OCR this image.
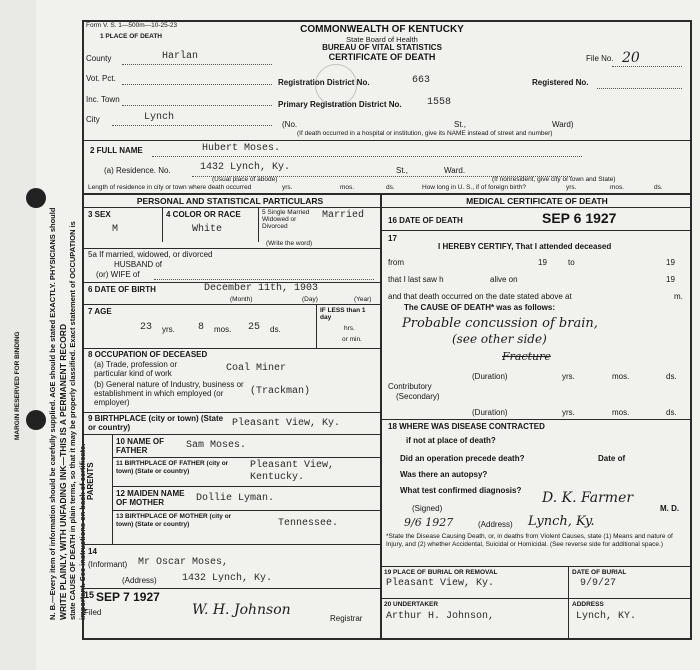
N. B.—Every item of information should be carefully supplied. AGE should be stated EXACTLY. PHYSICIANS should WRITE PLAINLY, WITH UNFADING INK—THIS IS A PERMANENT RECORD state CAUSE OF DEATH in plain terms, so that it may be properly classified. Exact statement of OCCUPATION is important. See instructions on back of certificate.
MARGIN RESERVED FOR BINDING
Form V. S. 1—500m—10-25-23
1 PLACE OF DEATH
COMMONWEALTH OF KENTUCKY
State Board of Health
BUREAU OF VITAL STATISTICS
CERTIFICATE OF DEATH
County	Harlan
Vot. Pct.
Inc. Town
City	Lynch
File No. 20
Registration District No.	663	Registered No.
Primary Registration District No.	1558
(No.	St.,	Ward)
(If death occurred in a hospital or institution, give its NAME instead of street and number)
2 FULL NAME	Hubert Moses.
(a) Residence. No.	1432 Lynch, Ky.	St.,	Ward.
(If nonresident, give city or town and State)
(Usual place of abode)
Length of residence in city or town where death occurred	yrs.	mos.	ds.	How long in U. S., if of foreign birth?	yrs.	mos.	ds.
PERSONAL AND STATISTICAL PARTICULARS	MEDICAL CERTIFICATE OF DEATH
3 SEX
M
4 COLOR OR RACE
White
5 Single Married Widowed or Divorced
(Write the word)
Married
5a If married, widowed, or divorced
HUSBAND of
(or) WIFE of
6 DATE OF BIRTH	December 11th, 1903
(Month)	(Day)	(Year)
7 AGE
23 yrs. 8 mos. 25 ds.
IF LESS than 1 day
hrs.
or min.
8 OCCUPATION OF DECEASED
(a) Trade, profession or particular kind of work	Coal Miner
(b) General nature of Industry, business or establishment in which employed (or employer)
(Trackman)
9 BIRTHPLACE (city or town) (State or country)	Pleasant View, Ky.
PARENTS
10 NAME OF FATHER	Sam Moses.
11 BIRTHPLACE OF FATHER (city or town) (State or country)
Pleasant View,
Kentucky.
12 MAIDEN NAME OF MOTHER	Dollie Lyman.
13 BIRTHPLACE OF MOTHER (city or town) (State or country)	Tennessee.
14
(Informant) Mr Oscar Moses,
(Address)	1432 Lynch, Ky.
15 SEP 7 1927
Filed	W. H. Johnson
Registrar
16 DATE OF DEATH	SEP 6 1927
17
I HEREBY CERTIFY, That I attended deceased
from	19	to	19
that I last saw h	alive on	19
and that death occurred on the date stated above at	m.
The CAUSE OF DEATH* was as follows:
Probable concussion of brain,
(see other side)
Fracture
(Duration)	yrs.	mos.	ds.
Contributory
(Secondary)
(Duration)	yrs.	mos.	ds.
18 WHERE WAS DISEASE CONTRACTED
if not at place of death?
Did an operation precede death?	Date of
Was there an autopsy?
What test confirmed diagnosis?
(Signed)
D. K. Farmer
M. D.
9/6 1927	(Address) Lynch, Ky.
*State the Disease Causing Death, or, in deaths from Violent Causes, state (1) Means and nature of Injury, and (2) whether Accidental, Suicidal or Homicidal. (See reverse side for additional space.)
19 PLACE OF BURIAL OR REMOVAL
Pleasant View, Ky.
DATE OF BURIAL
9/9/27
20 UNDERTAKER
Arthur H. Johnson,
ADDRESS
Lynch, KY.
